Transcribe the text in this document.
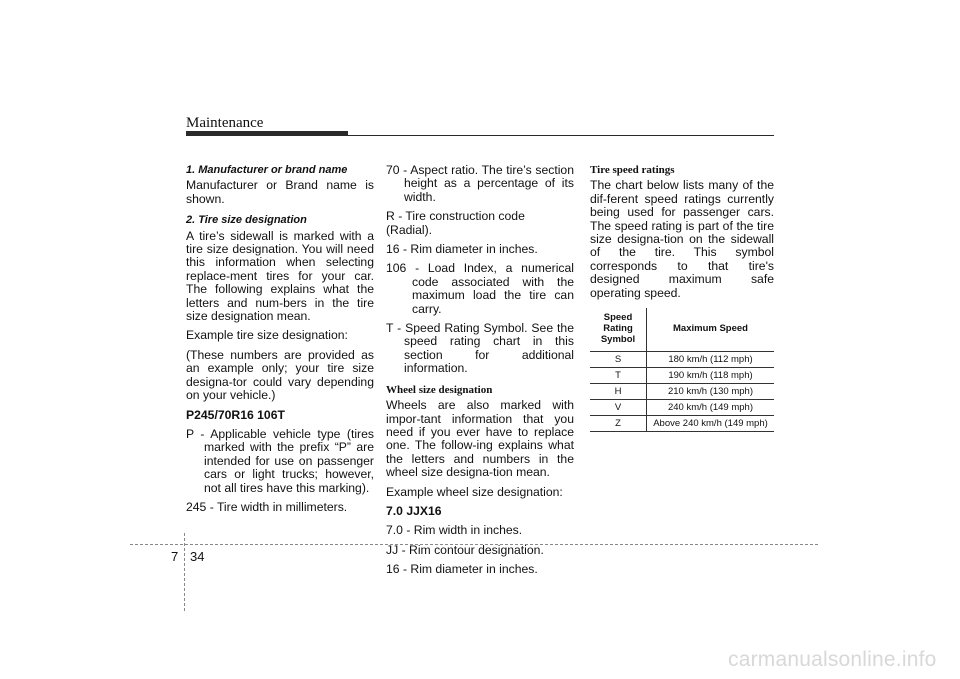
Maintenance
1. Manufacturer or brand name

Manufacturer or Brand name is shown.

2. Tire size designation

A tire’s sidewall is marked with a tire size designation. You will need this information when selecting replace-ment tires for your car. The following explains what the letters and num-bers in the tire size designation mean.

Example tire size designation:

(These numbers are provided as an example only; your tire size designa-tor could vary depending on your vehicle.)

P245/70R16 106T

P - Applicable vehicle type (tires marked with the prefix “P” are intended for use on passenger cars or light trucks; however, not all tires have this marking).

245 - Tire width in millimeters.

70 - Aspect ratio. The tire’s section height as a percentage of its width.

R - Tire construction code (Radial).

16 - Rim diameter in inches.

106 - Load Index, a numerical code associated with the maximum load the tire can carry.

T - Speed Rating Symbol. See the speed rating chart in this section for additional information.

Wheel size designation

Wheels are also marked with impor-tant information that you need if you ever have to replace one. The follow-ing explains what the letters and numbers in the wheel size designa-tion mean.

Example wheel size designation:

7.0 JJX16

7.0 - Rim width in inches.

JJ - Rim contour designation.

16 - Rim diameter in inches.

Tire speed ratings

The chart below lists many of the dif-ferent speed ratings currently being used for passenger cars. The speed rating is part of the tire size designa-tion on the sidewall of the tire. This symbol corresponds to that tire's designed maximum safe operating speed.

Speed
Rating
Symbol	Maximum Speed
S	180 km/h (112 mph)
T	190 km/h (118 mph)
H	210 km/h (130 mph)
V	240 km/h (149 mph)
Z	Above 240 km/h (149 mph)
7 34
carmanualsonline.info
